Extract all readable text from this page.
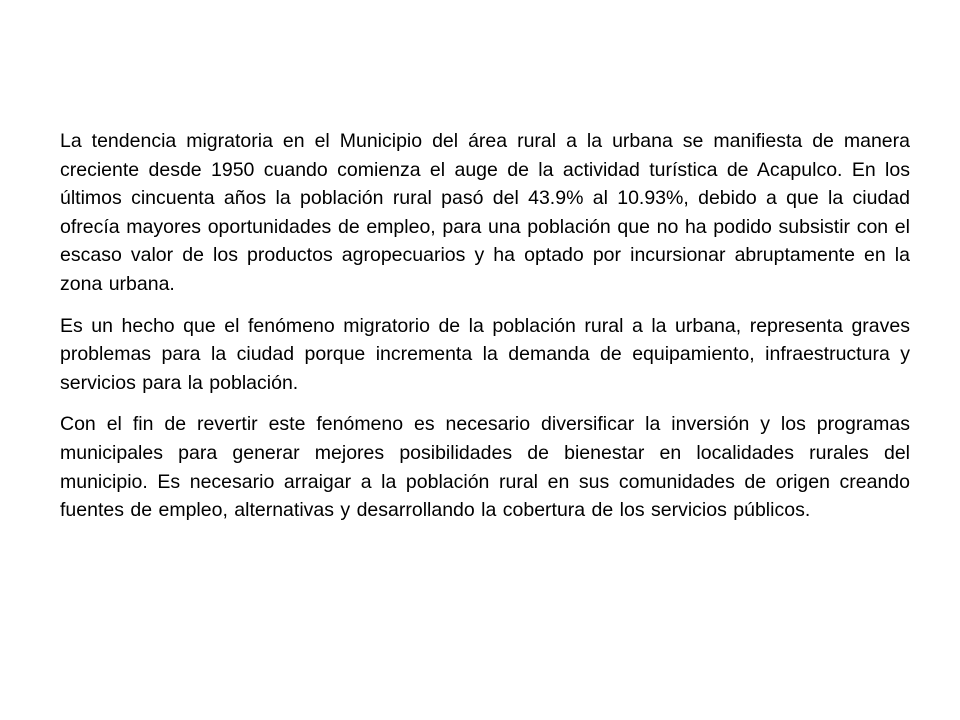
La tendencia migratoria en el Municipio del área rural a la urbana se manifiesta de manera creciente desde 1950 cuando comienza el auge de la actividad turística de Acapulco. En los últimos cincuenta años la población rural pasó del 43.9% al 10.93%, debido a que la ciudad ofrecía mayores oportunidades de empleo, para una población que no ha podido subsistir con el escaso valor de los productos agropecuarios y ha optado por incursionar abruptamente en la zona urbana.

Es un hecho que el fenómeno migratorio de la población rural a la urbana, representa graves problemas para la ciudad porque incrementa la demanda de equipamiento, infraestructura y servicios para la población.

Con el fin de revertir este fenómeno es necesario diversificar la inversión y los programas municipales para generar mejores posibilidades de bienestar en localidades rurales del municipio. Es necesario arraigar a la población rural en sus comunidades de origen creando fuentes de empleo, alternativas y desarrollando la cobertura de los servicios públicos.
